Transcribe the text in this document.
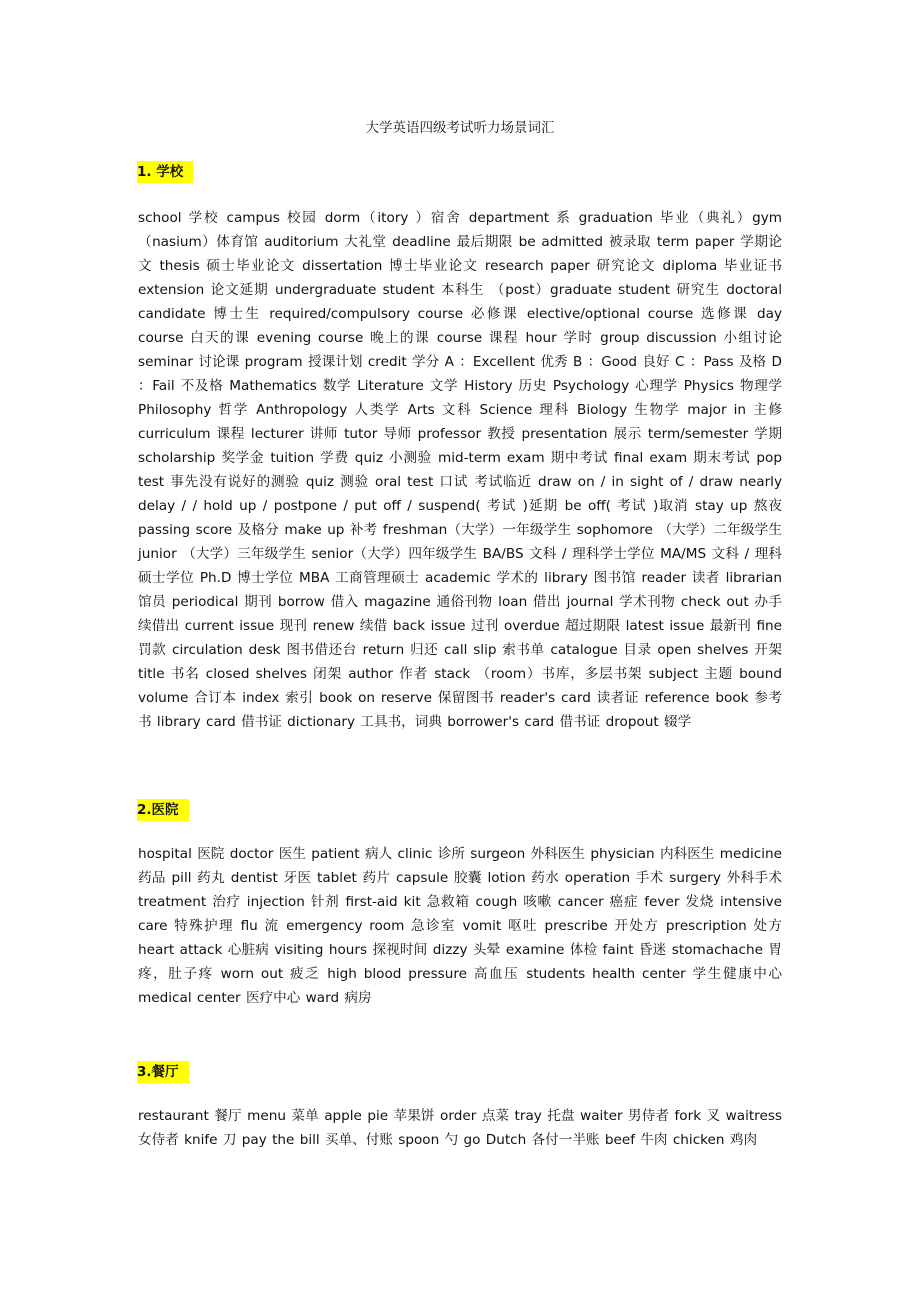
大学英语四级考试听力场景词汇
1. 学校

school 学校 campus 校园 dorm（itory ）宿舍 department 系 graduation 毕业（典礼）gym （nasium）体育馆 auditorium 大礼堂 deadline 最后期限 be admitted 被录取 term paper 学期论文 thesis 硕士毕业论文 dissertation 博士毕业论文 research paper 研究论文 diploma 毕业证书 extension 论文延期 undergraduate student 本科生 （post）graduate student 研究生 doctoral candidate 博士生 required/compulsory course 必修课 elective/optional course 选修课 day course 白天的课 evening course 晚上的课 course 课程 hour 学时 group discussion 小组讨论 seminar 讨论课 program 授课计划 credit 学分 A ：Excellent 优秀 B ：Good 良好 C ：Pass 及格 D ：Fail 不及格 Mathematics 数学 Literature 文学 History 历史 Psychology 心理学 Physics 物理学 Philosophy 哲学 Anthropology 人类学 Arts 文科 Science 理科 Biology 生物学 major in 主修 curriculum 课程 lecturer 讲师 tutor 导师 professor 教授 presentation 展示 term/semester 学期 scholarship 奖学金 tuition 学费 quiz 小测验 mid-term exam 期中考试 final exam 期末考试 pop test 事先没有说好的测验 quiz 测验 oral test 口试 考试临近 draw on / in sight of / draw nearly delay / / hold up / postpone / put off / suspend( 考试 )延期 be off( 考试 )取消 stay up 熬夜 passing score 及格分 make up 补考 freshman（大学）一年级学生 sophomore （大学）二年级学生 junior （大学）三年级学生 senior（大学）四年级学生 BA/BS 文科 / 理科学士学位 MA/MS 文科 / 理科硕士学位 Ph.D 博士学位 MBA 工商管理硕士 academic 学术的 library 图书馆 reader 读者 librarian 馆员 periodical 期刊 borrow 借入 magazine 通俗刊物 loan 借出 journal 学术刊物 check out 办手续借出 current issue 现刊 renew 续借 back issue 过刊 overdue 超过期限 latest issue 最新刊 fine 罚款 circulation desk 图书借还台 return 归还 call slip 索书单 catalogue 目录 open shelves 开架 title 书名 closed shelves 闭架 author 作者 stack （room）书库，多层书架 subject 主题 bound volume 合订本 index 索引 book on reserve 保留图书 reader's card 读者证 reference book 参考书 library card 借书证 dictionary 工具书，词典 borrower's card 借书证 dropout 辍学

2.医院

hospital 医院 doctor 医生 patient 病人 clinic 诊所 surgeon 外科医生 physician 内科医生 medicine 药品 pill 药丸 dentist 牙医 tablet 药片 capsule 胶囊 lotion 药水 operation 手术 surgery 外科手术 treatment 治疗 injection 针剂 first-aid kit 急救箱 cough 咳嗽 cancer 癌症 fever 发烧 intensive care 特殊护理 flu 流 emergency room 急诊室 vomit 呕吐 prescribe 开处方 prescription 处方 heart attack 心脏病 visiting hours 探视时间 dizzy 头晕 examine 体检 faint 昏迷 stomachache 胃疼，肚子疼 worn out 疲乏 high blood pressure 高血压 students health center 学生健康中心 medical center 医疗中心 ward 病房

3.餐厅

restaurant 餐厅 menu 菜单 apple pie 苹果饼 order 点菜 tray 托盘 waiter 男侍者 fork 叉 waitress 女侍者 knife 刀 pay the bill 买单、付账 spoon 勺 go Dutch 各付一半账 beef 牛肉 chicken 鸡肉
